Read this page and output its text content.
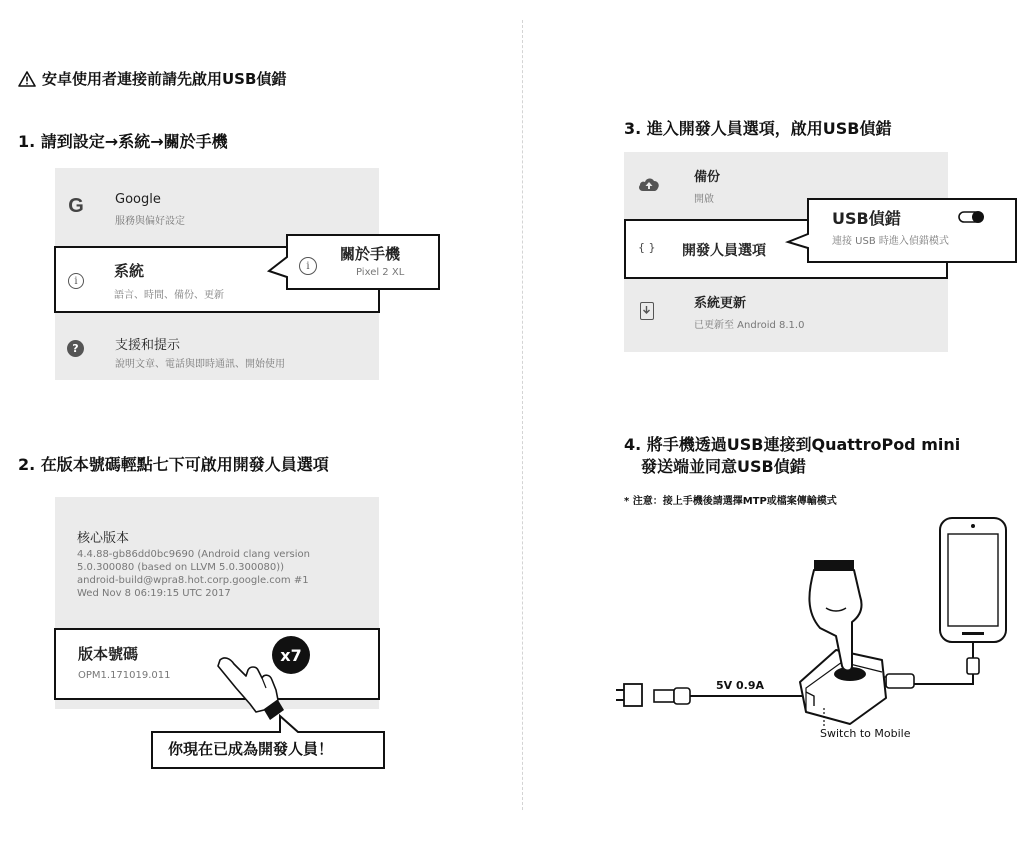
安卓使用者連接前請先啟用USB偵錯
1. 請到設定→系統→關於手機
G Google
服務與偏好設定
?	支援和提示
說明文章、電話與即時通訊、開始使用
i
系統
語言、時間、備份、更新
i
關於手機
Pixel 2 XL
2. 在版本號碼輕點七下可啟用開發人員選項
核心版本
4.4.88-gb86dd0bc9690 (Android clang version
5.0.300080 (based on LLVM 5.0.300080))
android-build@wpra8.hot.corp.google.com #1
Wed Nov 8 06:19:15 UTC 2017
版本號碼
OPM1.171019.011
x7
你現在已成為開發人員！
3. 進入開發人員選項，啟用USB偵錯
備份
開啟
系統更新
已更新至 Android 8.1.0
{ } 開發人員選項
USB偵錯
連接 USB 時進入偵錯模式
4. 將手機透過USB連接到QuattroPod mini
發送端並同意USB偵錯
* 注意：接上手機後請選擇MTP或檔案傳輸模式
5V 0.9A
Switch to Mobile
